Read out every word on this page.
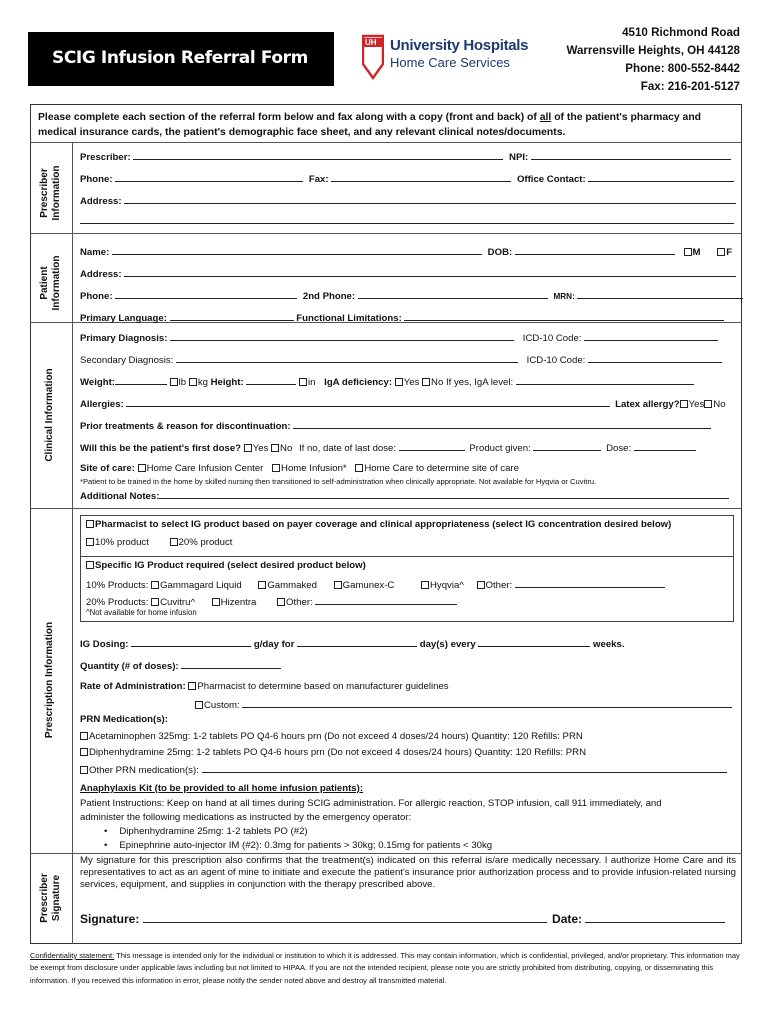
SCIG Infusion Referral Form
UH University Hospitals
Home Care Services
4510 Richmond Road
Warrensville Heights, OH 44128
Phone: 800-552-8442
Fax: 216-201-5127
Please complete each section of the referral form below and fax along with a copy (front and back) of all of the patient's pharmacy and medical insurance cards, the patient's demographic face sheet, and any relevant clinical notes/documents.
Prescriber Information
Patient Information
Clinical Information
Prescription Information
Prescriber Signature
Prescriber:	NPI:
Phone:	Fax:	Office Contact:
Address:
Name:	DOB:	M	F
Address:
Phone:	2nd Phone:	MRN:
Primary Language:	Functional Limitations:
Primary Diagnosis:	ICD-10 Code:
Secondary Diagnosis:	ICD-10 Code:
Weight:	lb kg Height:	in IgA deficiency: Yes No If yes, IgA level:
Allergies:	Latex allergy? Yes No
Prior treatments & reason for discontinuation:
Will this be the patient's first dose? Yes No If no, date of last dose:	Product given:	Dose:
Site of care: Home Care Infusion Center Home Infusion* Home Care to determine site of care
*Patient to be trained in the home by skilled nursing then transitioned to self-administration when clinically appropriate. Not available for Hyqvia or Cuvitru.
Additional Notes:
Pharmacist to select IG product based on payer coverage and clinical appropriateness (select IG concentration desired below)
10% product	20% product
Specific IG Product required (select desired product below)
10% Products: Gammagard Liquid	Gammaked	Gamunex-C	Hyqvia^ Other:
20% Products: Cuvitru^	Hizentra	Other:
^Not available for home infusion
IG Dosing:	g/day for	day(s) every	weeks.
Quantity (# of doses):
Rate of Administration: Pharmacist to determine based on manufacturer guidelines
Custom:
PRN Medication(s):
Acetaminophen 325mg: 1-2 tablets PO Q4-6 hours prn (Do not exceed 4 doses/24 hours) Quantity: 120 Refills: PRN
Diphenhydramine 25mg: 1-2 tablets PO Q4-6 hours prn (Do not exceed 4 doses/24 hours) Quantity: 120 Refills: PRN
Other PRN medication(s):
Anaphylaxis Kit (to be provided to all home infusion patients):
Patient Instructions: Keep on hand at all times during SCIG administration. For allergic reaction, STOP infusion, call 911 immediately, and
administer the following medications as instructed by the emergency operator:
• Diphenhydramine 25mg: 1-2 tablets PO (#2)
• Epinephrine auto-injector IM (#2): 0.3mg for patients > 30kg; 0.15mg for patients < 30kg
My signature for this prescription also confirms that the treatment(s) indicated on this referral is/are medically necessary. I authorize Home Care and its representatives to act as an agent of mine to initiate and execute the patient's insurance prior authorization process and to provide infusion-related nursing services, equipment, and supplies in conjunction with the therapy prescribed above.
Signature:	Date:
Confidentiality statement: This message is intended only for the individual or institution to which it is addressed. This may contain information, which is confidential, privileged, and/or proprietary. This information may be exempt from disclosure under applicable laws including but not limited to HIPAA. If you are not the intended recipient, please note you are strictly prohibited from distributing, copying, or disseminating this information. If you received this information in error, please notify the sender noted above and destroy all transmitted material.
